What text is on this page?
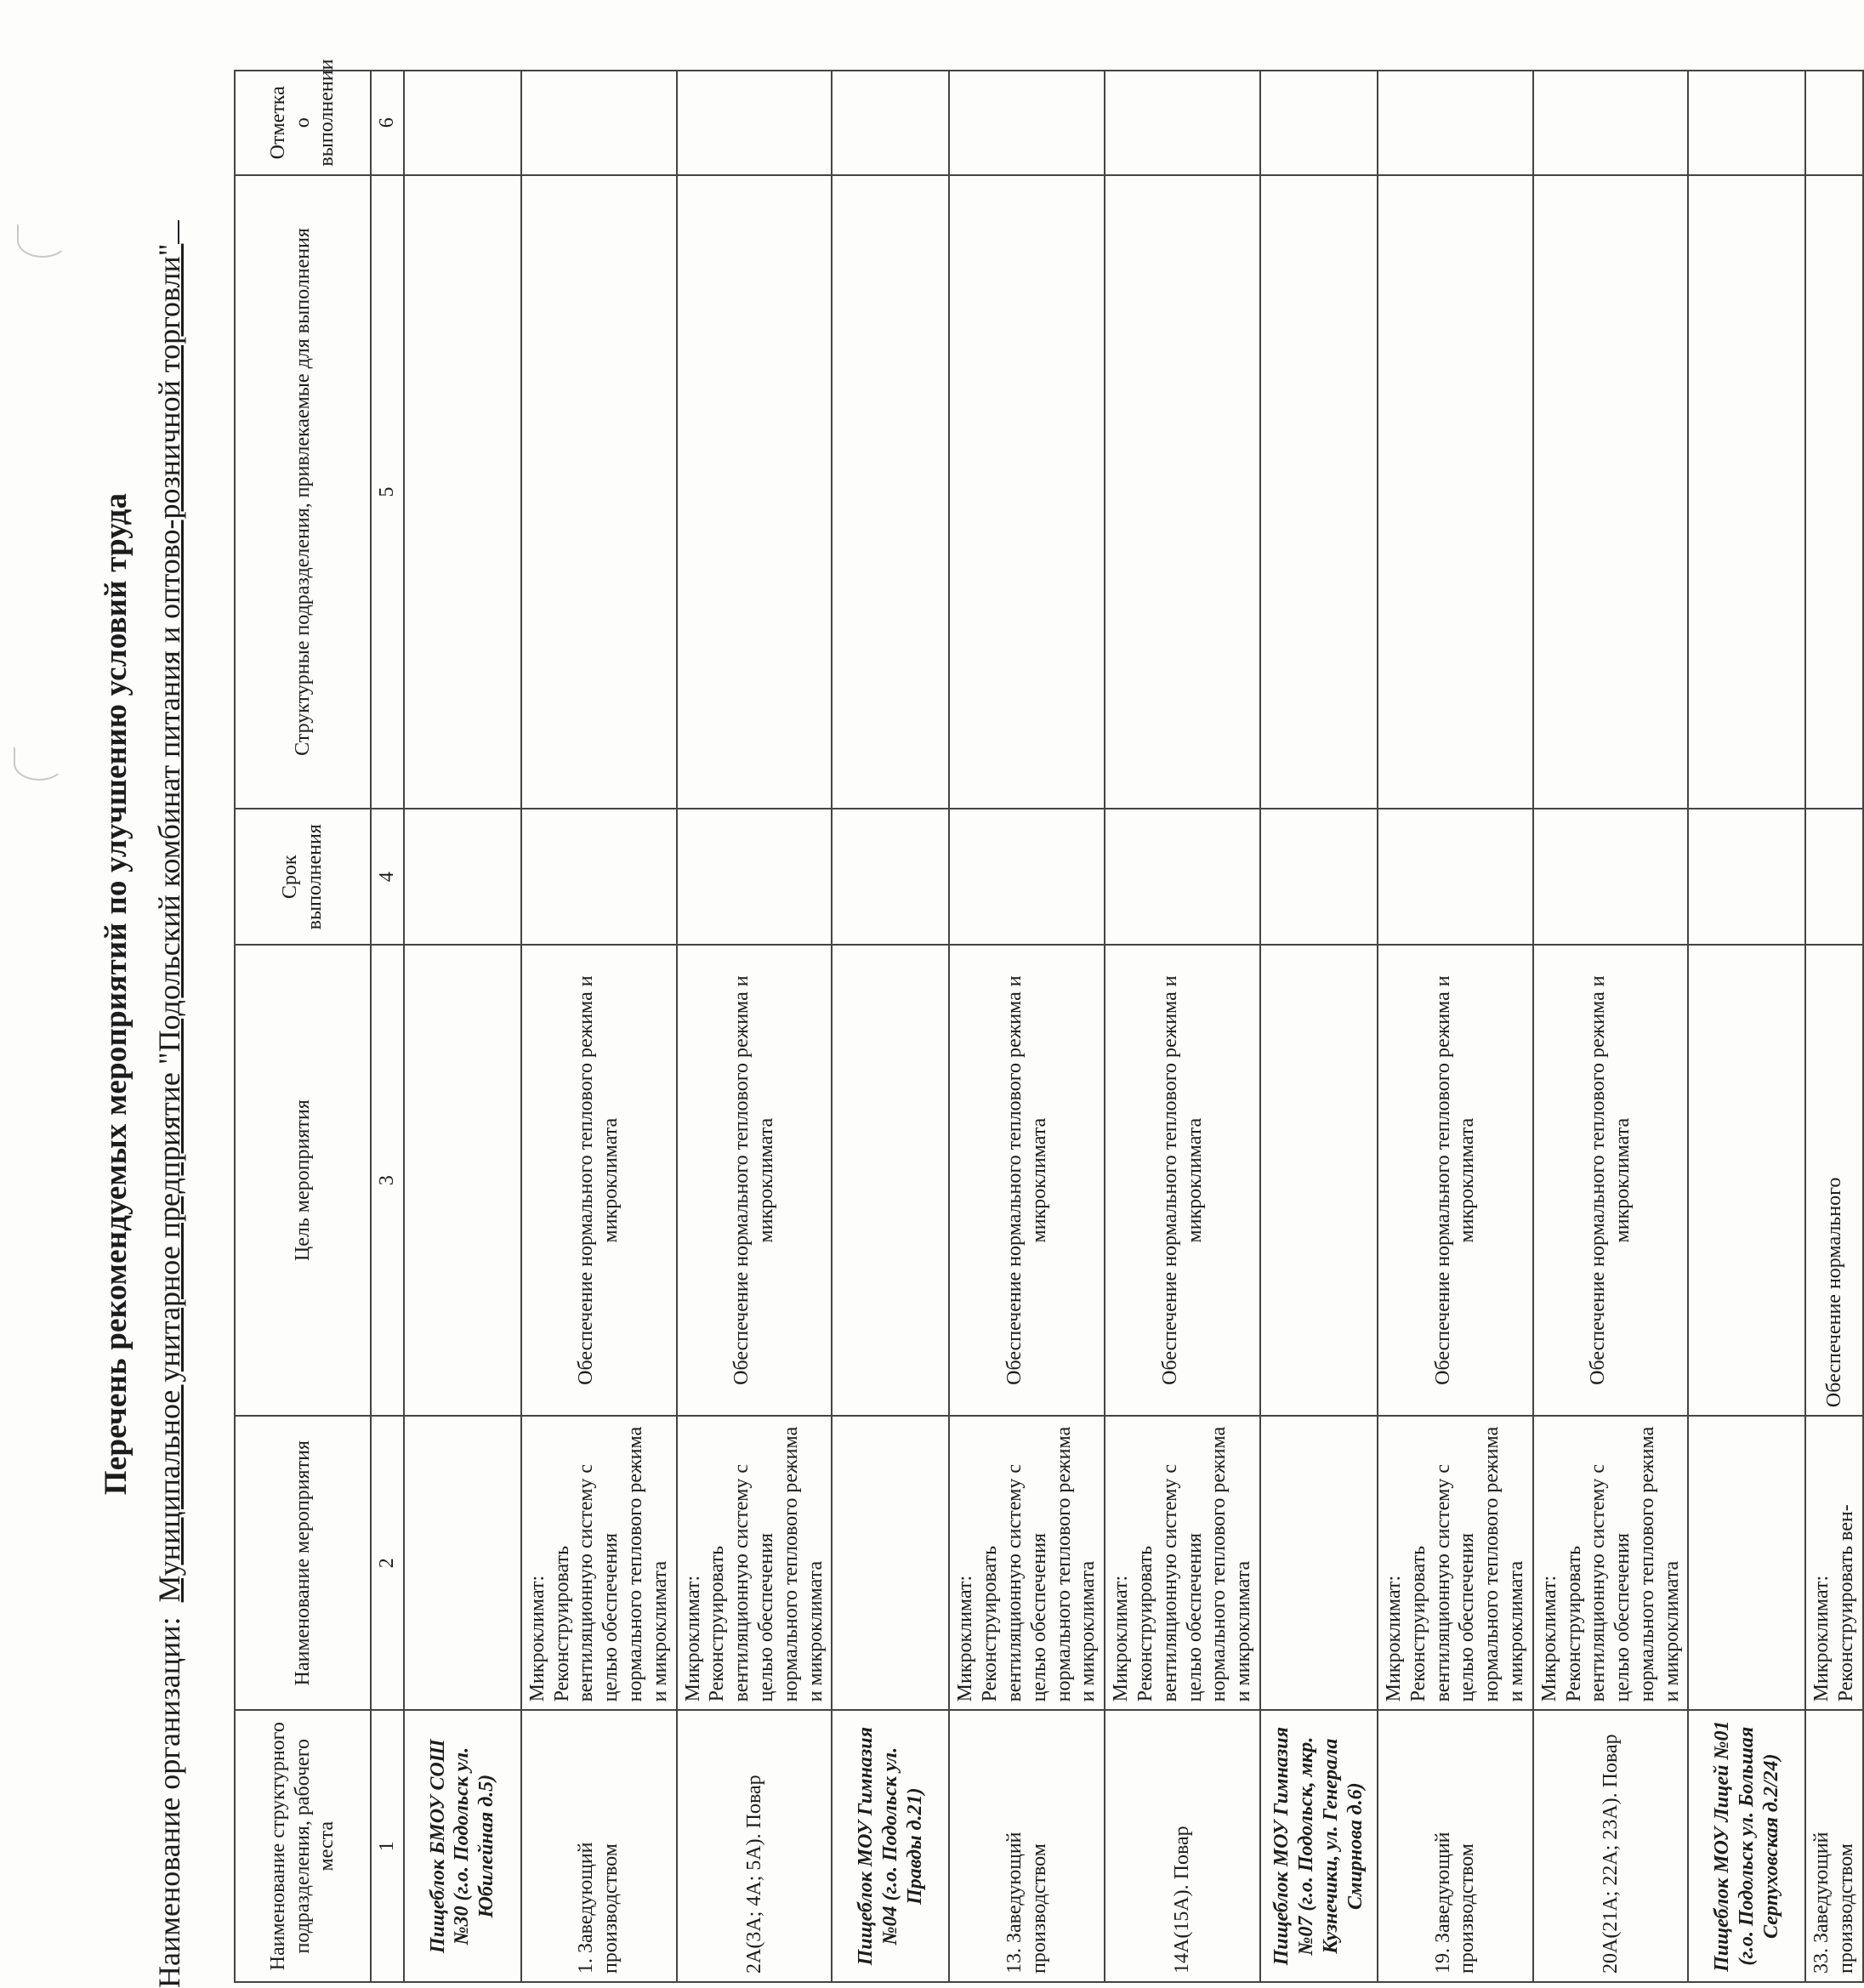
Перечень рекомендуемых мероприятий по улучшению условий труда
Наименование организации: Муниципальное унитарное предприятие "Подольский комбинат питания и оптово-розничной торговли"
Наименование структурного подразделения, рабочего места	Наименование мероприятия	Цель мероприятия	Срок выполнения	Структурные подразделения, привлекаемые для выполнения	Отметка о выполнении
1	2	3	4	5	6
Пищеблок БМОУ СОШ №30 (г.о. Подольск ул. Юбилейная д.5)					
1. Заведующий производством	Микроклимат: Реконструировать вентиляционную систему с целью обеспечения нормального теплового режима и микроклимата	Обеспечение нормального теплового режима и микроклимата			
2А(3А; 4А; 5А). Повар	Микроклимат: Реконструировать вентиляционную систему с целью обеспечения нормального теплового режима и микроклимата	Обеспечение нормального теплового режима и микроклимата			
Пищеблок МОУ Гимназия №04 (г.о. Подольск ул. Правды д.21)					
13. Заведующий производством	Микроклимат: Реконструировать вентиляционную систему с целью обеспечения нормального теплового режима и микроклимата	Обеспечение нормального теплового режима и микроклимата			
14А(15А). Повар	Микроклимат: Реконструировать вентиляционную систему с целью обеспечения нормального теплового режима и микроклимата	Обеспечение нормального теплового режима и микроклимата			
Пищеблок МОУ Гимназия №07 (г.о. Подольск, мкр. Кузнечики, ул. Генерала Смирнова д.6)					
19. Заведующий производством	Микроклимат: Реконструировать вентиляционную систему с целью обеспечения нормального теплового режима и микроклимата	Обеспечение нормального теплового режима и микроклимата			
20А(21А; 22А; 23А). Повар	Микроклимат: Реконструировать вентиляционную систему с целью обеспечения нормального теплового режима и микроклимата	Обеспечение нормального теплового режима и микроклимата			
Пищеблок МОУ Лицей №01 (г.о. Подольск ул. Большая Серпуховская д.2/24)					
33. Заведующий производством	Микроклимат: Реконструировать вен-	Обеспечение нормального			
